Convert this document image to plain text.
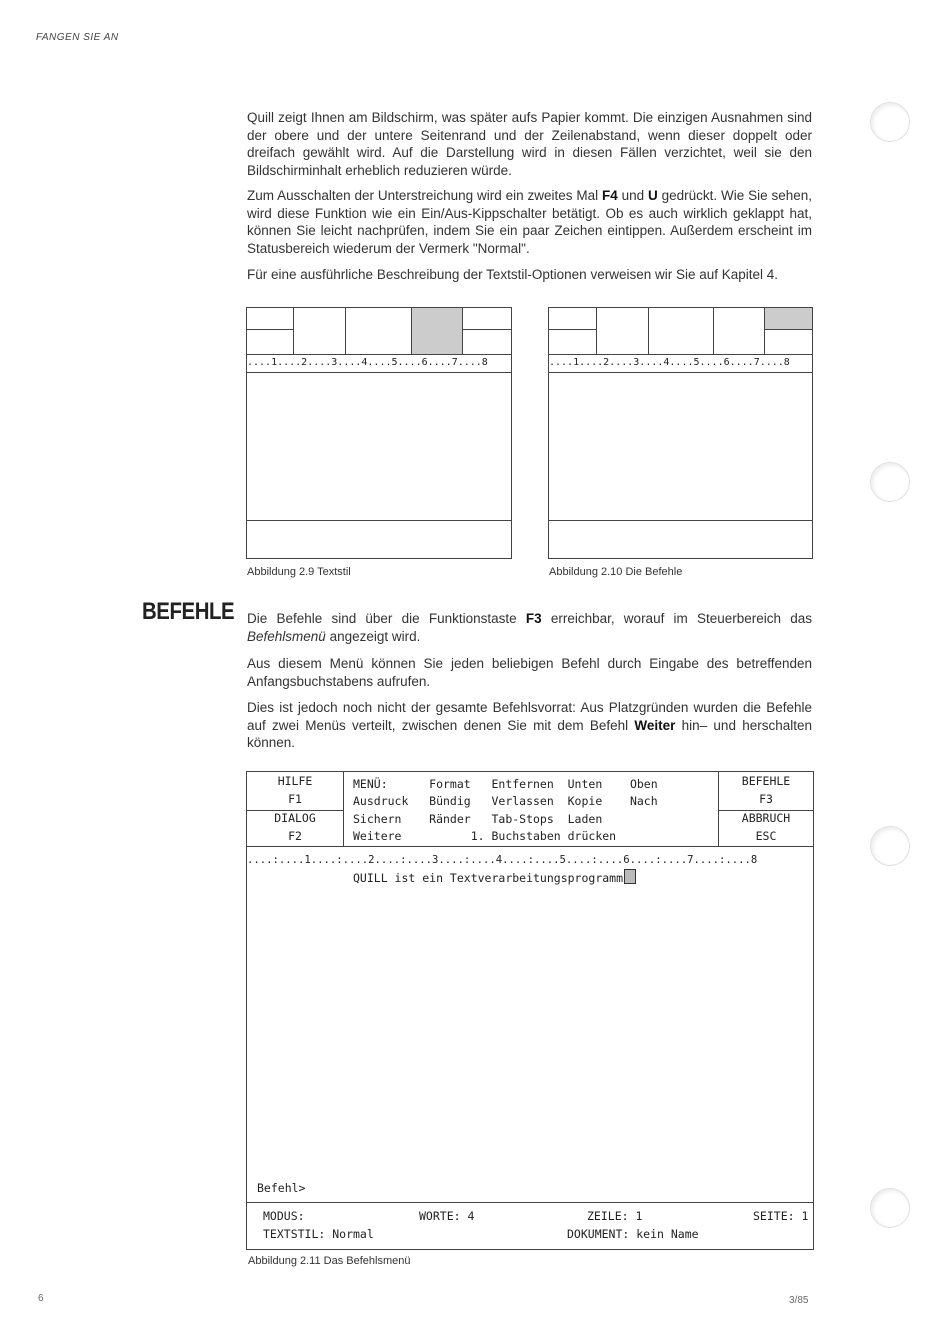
FANGEN SIE AN
Quill zeigt Ihnen am Bildschirm, was später aufs Papier kommt. Die einzigen Ausnahmen sind der obere und der untere Seitenrand und der Zeilenabstand, wenn dieser doppelt oder dreifach gewählt wird. Auf die Darstellung wird in diesen Fällen verzichtet, weil sie den Bildschirminhalt erheblich reduzieren würde.
Zum Ausschalten der Unterstreichung wird ein zweites Mal F4 und U gedrückt. Wie Sie sehen, wird diese Funktion wie ein Ein/Aus-Kippschalter betätigt. Ob es auch wirklich geklappt hat, können Sie leicht nachprüfen, indem Sie ein paar Zeichen eintippen. Außerdem erscheint im Statusbereich wiederum der Vermerk "Normal".
Für eine ausführliche Beschreibung der Textstil-Optionen verweisen wir Sie auf Kapitel 4.
....1....2....3....4....5....6....7....8
Abbildung 2.9 Textstil
....1....2....3....4....5....6....7....8
Abbildung 2.10 Die Befehle
BEFEHLE Die Befehle sind über die Funktionstaste F3 erreichbar, worauf im Steuerbereich das Befehlsmenü angezeigt wird.
Aus diesem Menü können Sie jeden beliebigen Befehl durch Eingabe des betreffenden Anfangsbuchstabens aufrufen.
Dies ist jedoch noch nicht der gesamte Befehlsvorrat: Aus Platzgründen wurden die Befehle auf zwei Menüs verteilt, zwischen denen Sie mit dem Befehl Weiter hin– und herschalten können.
HILFE
F1
DIALOG
F2
MENÜ:      Format   Entfernen  Unten    Oben
Ausdruck   Bündig   Verlassen  Kopie    Nach
Sichern    Ränder   Tab-Stops  Laden
Weitere          1. Buchstaben drücken
BEFEHLE
F3
ABBRUCH
ESC
....:....1....:....2....:....3....:....4....:....5....:....6....:....7....:....8
QUILL ist ein Textverarbeitungsprogramm
Befehl>
MODUS:	WORTE: 4	ZEILE: 1	SEITE: 1
TEXTSTIL: Normal	DOKUMENT: kein Name
Abbildung 2.11 Das Befehlsmenü
6	3/85
